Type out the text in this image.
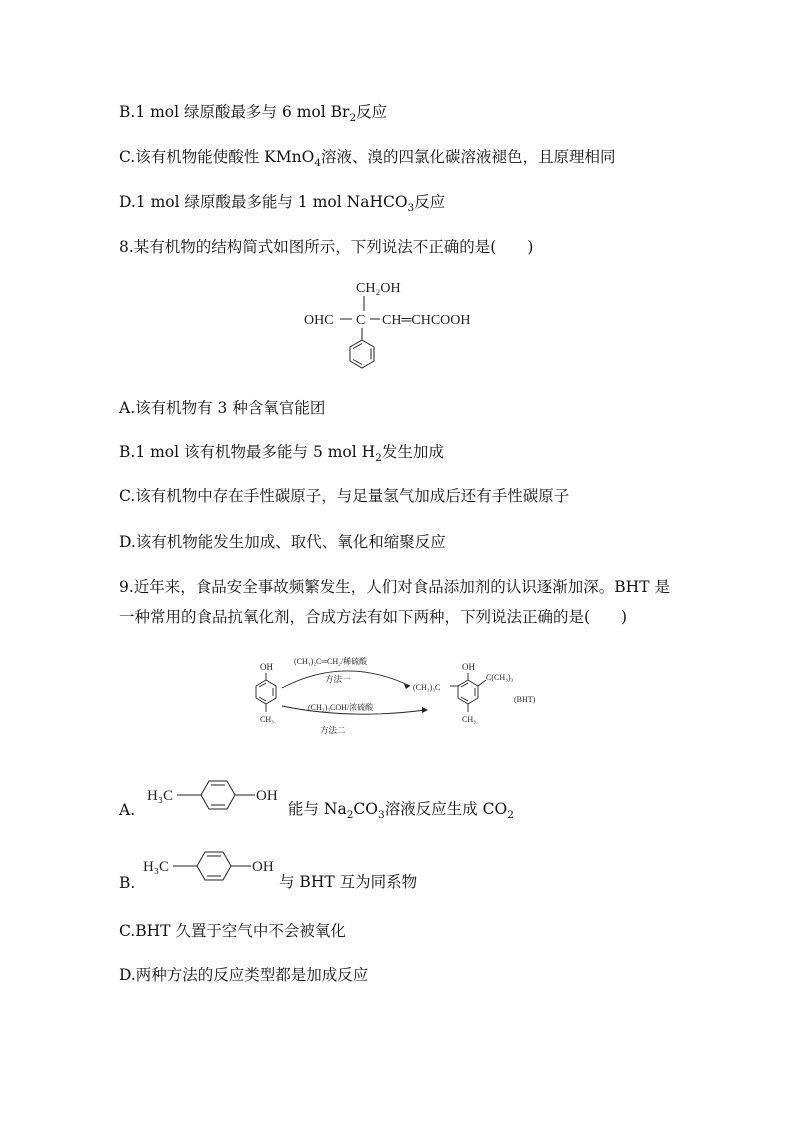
B.1 mol 绿原酸最多与 6 mol $Br_2$反应
C.该有机物能使酸性 KMnO$_4$溶液、溴的四氯化碳溶液褪色，且原理相同
D.1 mol 绿原酸最多能与 1 mol NaHCO$_3$反应
8.某有机物的结构简式如图所示，下列说法不正确的是(　　)
CH₂OH
OHC C CH═CHCOOH
A.该有机物有 3 种含氧官能团
B.1 mol 该有机物最多能与 5 mol $H_2$发生加成
C.该有机物中存在手性碳原子，与足量氢气加成后还有手性碳原子
D.该有机物能发生加成、取代、氧化和缩聚反应
9.近年来，食品安全事故频繁发生，人们对食品添加剂的认识逐渐加深。BHT 是
一种常用的食品抗氧化剂，合成方法有如下两种，下列说法正确的是(　　)
OH
CH₃
(CH₃)₂C═CH₂/稀硫酸
方法一
(CH₃)₃COH/浓硫酸
方法二
OH
(CH₃)₃C
C(CH₃)₃
CH₃
(BHT)
A.
H₃C	OH
能与 $Na_2CO_3$溶液反应生成 $CO_2$
B.
H₃C	OH
与 BHT 互为同系物
C.BHT 久置于空气中不会被氧化
D.两种方法的反应类型都是加成反应
